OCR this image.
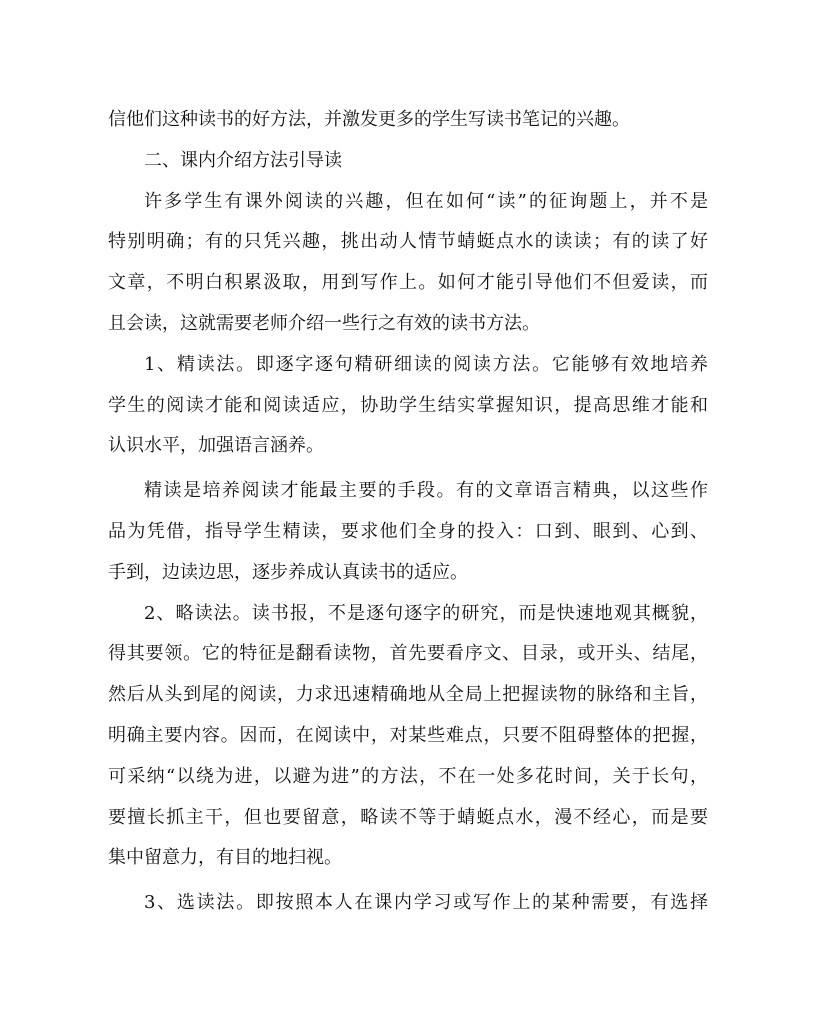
信他们这种读书的好方法，并激发更多的学生写读书笔记的兴趣。
二、课内介绍方法引导读
许多学生有课外阅读的兴趣，但在如何“读”的征询题上，并不是
特别明确；有的只凭兴趣，挑出动人情节蜻蜓点水的读读；有的读了好
文章，不明白积累汲取，用到写作上。如何才能引导他们不但爱读，而
且会读，这就需要老师介绍一些行之有效的读书方法。
1、精读法。即逐字逐句精研细读的阅读方法。它能够有效地培养
学生的阅读才能和阅读适应，协助学生结实掌握知识，提高思维才能和
认识水平，加强语言涵养。
精读是培养阅读才能最主要的手段。有的文章语言精典，以这些作
品为凭借，指导学生精读，要求他们全身的投入：口到、眼到、心到、
手到，边读边思，逐步养成认真读书的适应。
2、略读法。读书报，不是逐句逐字的研究，而是快速地观其概貌，
得其要领。它的特征是翻看读物，首先要看序文、目录，或开头、结尾，
然后从头到尾的阅读，力求迅速精确地从全局上把握读物的脉络和主旨，
明确主要内容。因而，在阅读中，对某些难点，只要不阻碍整体的把握，
可采纳“以绕为进，以避为进”的方法，不在一处多花时间，关于长句，
要擅长抓主干，但也要留意，略读不等于蜻蜓点水，漫不经心，而是要
集中留意力，有目的地扫视。
3、选读法。即按照本人在课内学习或写作上的某种需要，有选择
